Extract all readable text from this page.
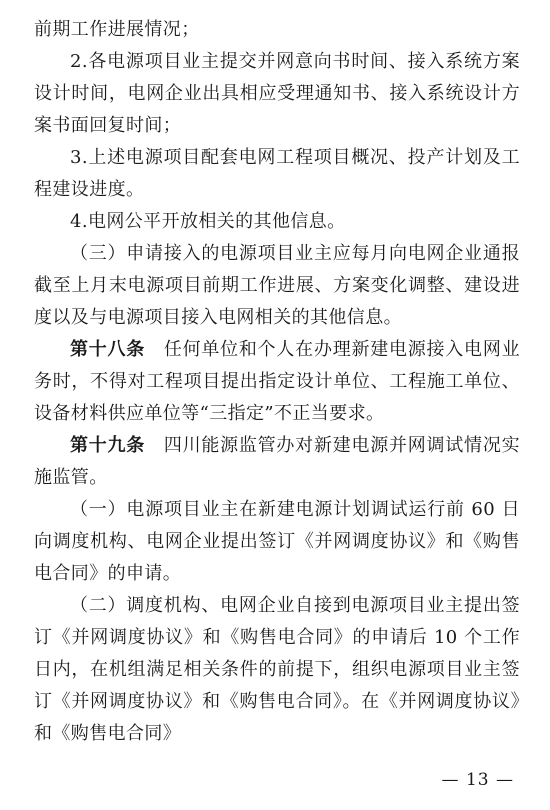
前期工作进展情况；

2.各电源项目业主提交并网意向书时间、接入系统方案设计时间，电网企业出具相应受理通知书、接入系统设计方案书面回复时间；

3.上述电源项目配套电网工程项目概况、投产计划及工程建设进度。

4.电网公平开放相关的其他信息。

（三）申请接入的电源项目业主应每月向电网企业通报截至上月末电源项目前期工作进展、方案变化调整、建设进度以及与电源项目接入电网相关的其他信息。

第十八条　任何单位和个人在办理新建电源接入电网业务时，不得对工程项目提出指定设计单位、工程施工单位、设备材料供应单位等“三指定”不正当要求。

第十九条　四川能源监管办对新建电源并网调试情况实施监管。

（一）电源项目业主在新建电源计划调试运行前 60 日向调度机构、电网企业提出签订《并网调度协议》和《购售电合同》的申请。

（二）调度机构、电网企业自接到电源项目业主提出签订《并网调度协议》和《购售电合同》的申请后 10 个工作日内，在机组满足相关条件的前提下，组织电源项目业主签订《并网调度协议》和《购售电合同》。在《并网调度协议》和《购售电合同》

— 13 —
